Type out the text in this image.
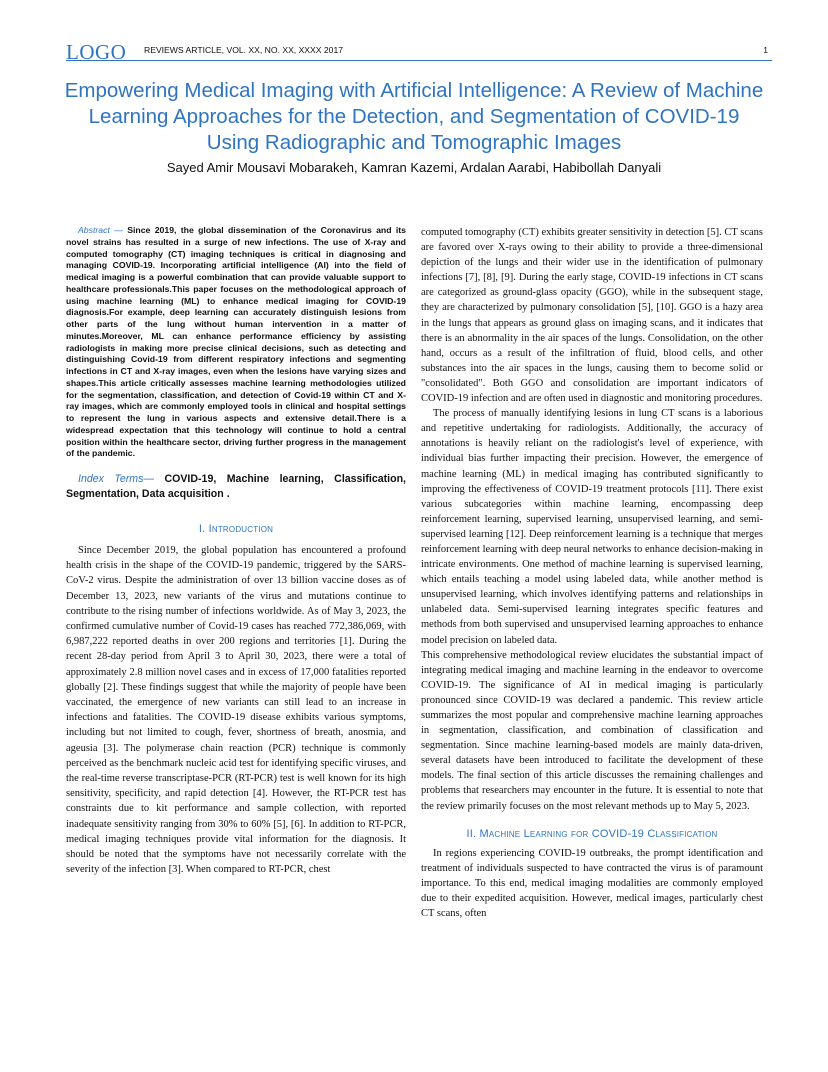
LOGO REVIEWS ARTICLE, VOL. XX, NO. XX, XXXX 2017	1
Empowering Medical Imaging with Artificial Intelligence: A Review of Machine Learning Approaches for the Detection, and Segmentation of COVID-19 Using Radiographic and Tomographic Images
Sayed Amir Mousavi Mobarakeh, Kamran Kazemi, Ardalan Aarabi, Habibollah Danyali

Abstract — Since 2019, the global dissemination of the Coronavirus and its novel strains has resulted in a surge of new infections. The use of X-ray and computed tomography (CT) imaging techniques is critical in diagnosing and managing COVID-19. Incorporating artificial intelligence (AI) into the field of medical imaging is a powerful combination that can provide valuable support to healthcare professionals.This paper focuses on the methodological approach of using machine learning (ML) to enhance medical imaging for COVID-19 diagnosis.For example, deep learning can accurately distinguish lesions from other parts of the lung without human intervention in a matter of minutes.Moreover, ML can enhance performance efficiency by assisting radiologists in making more precise clinical decisions, such as detecting and distinguishing Covid-19 from different respiratory infections and segmenting infections in CT and X-ray images, even when the lesions have varying sizes and shapes.This article critically assesses machine learning methodologies utilized for the segmentation, classification, and detection of Covid-19 within CT and X-ray images, which are commonly employed tools in clinical and hospital settings to represent the lung in various aspects and extensive detail.There is a widespread expectation that this technology will continue to hold a central position within the healthcare sector, driving further progress in the management of the pandemic.

Index Terms— COVID-19, Machine learning, Classification, Segmentation, Data acquisition .

I. Introduction

Since December 2019, the global population has encountered a profound health crisis in the shape of the COVID-19 pandemic, triggered by the SARS-CoV-2 virus. Despite the administration of over 13 billion vaccine doses as of December 13, 2023, new variants of the virus and mutations continue to contribute to the rising number of infections worldwide. As of May 3, 2023, the confirmed cumulative number of Covid-19 cases has reached 772,386,069, with 6,987,222 reported deaths in over 200 regions and territories [1]. During the recent 28-day period from April 3 to April 30, 2023, there were a total of approximately 2.8 million novel cases and in excess of 17,000 fatalities reported globally [2]. These findings suggest that while the majority of people have been vaccinated, the emergence of new variants can still lead to an increase in infections and fatalities. The COVID-19 disease exhibits various symptoms, including but not limited to cough, fever, shortness of breath, anosmia, and ageusia [3]. The polymerase chain reaction (PCR) technique is commonly perceived as the benchmark nucleic acid test for identifying specific viruses, and the real-time reverse transcriptase-PCR (RT-PCR) test is well known for its high sensitivity, specificity, and rapid detection [4]. However, the RT-PCR test has constraints due to kit performance and sample collection, with reported inadequate sensitivity ranging from 30% to 60% [5], [6]. In addition to RT-PCR, medical imaging techniques provide vital information for the diagnosis. It should be noted that the symptoms have not necessarily correlate with the severity of the infection [3]. When compared to RT-PCR, chest

computed tomography (CT) exhibits greater sensitivity in detection [5]. CT scans are favored over X-rays owing to their ability to provide a three-dimensional depiction of the lungs and their wider use in the identification of pulmonary infections [7], [8], [9]. During the early stage, COVID-19 infections in CT scans are categorized as ground-glass opacity (GGO), while in the subsequent stage, they are characterized by pulmonary consolidation [5], [10]. GGO is a hazy area in the lungs that appears as ground glass on imaging scans, and it indicates that there is an abnormality in the air spaces of the lungs. Consolidation, on the other hand, occurs as a result of the infiltration of fluid, blood cells, and other substances into the air spaces in the lungs, causing them to become solid or "consolidated". Both GGO and consolidation are important indicators of COVID-19 infection and are often used in diagnostic and monitoring procedures.

The process of manually identifying lesions in lung CT scans is a laborious and repetitive undertaking for radiologists. Additionally, the accuracy of annotations is heavily reliant on the radiologist's level of experience, with individual bias further impacting their precision. However, the emergence of machine learning (ML) in medical imaging has contributed significantly to improving the effectiveness of COVID-19 treatment protocols [11]. There exist various subcategories within machine learning, encompassing deep reinforcement learning, supervised learning, unsupervised learning, and semi-supervised learning [12]. Deep reinforcement learning is a technique that merges reinforcement learning with deep neural networks to enhance decision-making in intricate environments. One method of machine learning is supervised learning, which entails teaching a model using labeled data, while another method is unsupervised learning, which involves identifying patterns and relationships in unlabeled data. Semi-supervised learning integrates specific features and methods from both supervised and unsupervised learning approaches to enhance model precision on labeled data.

This comprehensive methodological review elucidates the substantial impact of integrating medical imaging and machine learning in the endeavor to overcome COVID-19. The significance of AI in medical imaging is particularly pronounced since COVID-19 was declared a pandemic. This review article summarizes the most popular and comprehensive machine learning approaches in segmentation, classification, and combination of classification and segmentation. Since machine learning-based models are mainly data-driven, several datasets have been introduced to facilitate the development of these models. The final section of this article discusses the remaining challenges and problems that researchers may encounter in the future. It is essential to note that the review primarily focuses on the most relevant methods up to May 5, 2023.

II. Machine Learning for COVID-19 Classification

In regions experiencing COVID-19 outbreaks, the prompt identification and treatment of individuals suspected to have contracted the virus is of paramount importance. To this end, medical imaging modalities are commonly employed due to their expedited acquisition. However, medical images, particularly chest CT scans, often
